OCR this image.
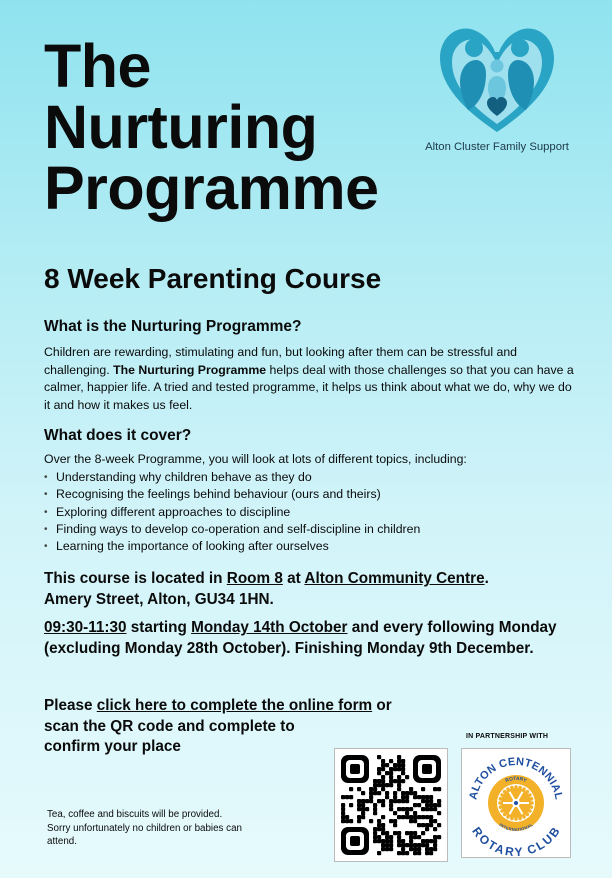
The
Nurturing
Programme
Alton Cluster Family Support
8 Week Parenting Course
What is the Nurturing Programme?

Children are rewarding, stimulating and fun, but looking after them can be stressful and challenging. The Nurturing Programme helps deal with those challenges so that you can have a calmer, happier life. A tried and tested programme, it helps us think about what we do, why we do it and how it makes us feel.

What does it cover?

Over the 8-week Programme, you will look at lots of different topics, including:

• Understanding why children behave as they do
• Recognising the feelings behind behaviour (ours and theirs)
• Exploring different approaches to discipline
• Finding ways to develop co-operation and self-discipline in children
• Learning the importance of looking after ourselves

This course is located in Room 8 at Alton Community Centre.
Amery Street, Alton, GU34 1HN.

09:30-11:30 starting Monday 14th October and every following Monday (excluding Monday 28th October). Finishing Monday 9th December.

Please click here to complete the online form or
scan the QR code and complete to
confirm your place

IN PARTNERSHIP WITH
ALTON CENTENNIAL
ROTARY CLUB
ROTARY
INTERNATIONAL

Tea, coffee and biscuits will be provided.
Sorry unfortunately no children or babies can
attend.
